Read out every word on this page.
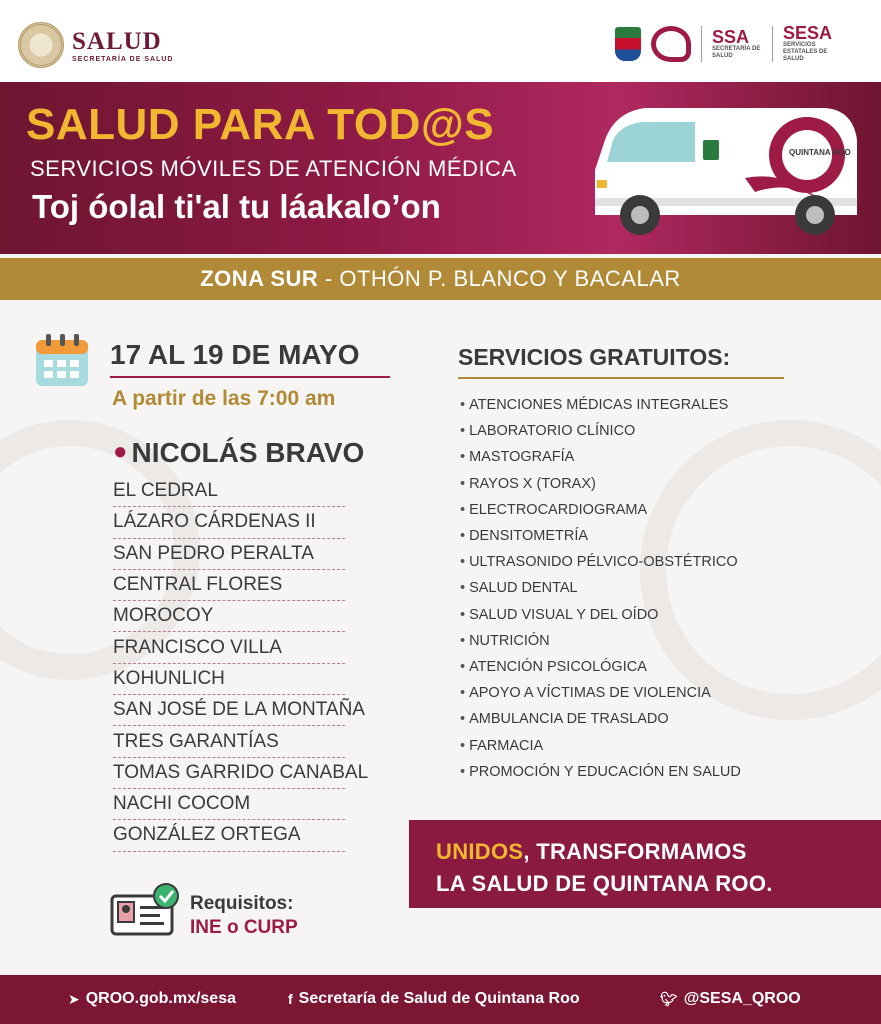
SALUD
SECRETARÍA DE SALUD
SSA
SECRETARÍA DE SALUD
SESA
SERVICIOS ESTATALES DE SALUD
SALUD PARA TOD@S
SERVICIOS MÓVILES DE ATENCIÓN MÉDICA
Toj óolal ti'al tu láakalo’on
QUINTANA ROO
ZONA SUR - OTHÓN P. BLANCO Y BACALAR
17 AL 19 DE MAYO
A partir de las 7:00 am
● NICOLÁS BRAVO
EL CEDRAL
LÁZARO CÁRDENAS II
SAN PEDRO PERALTA
CENTRAL FLORES
MOROCOY
FRANCISCO VILLA
KOHUNLICH
SAN JOSÉ DE LA MONTAÑA
TRES GARANTÍAS
TOMAS GARRIDO CANABAL
NACHI COCOM
GONZÁLEZ ORTEGA
SERVICIOS GRATUITOS:
• ATENCIONES MÉDICAS INTEGRALES
• LABORATORIO CLÍNICO
• MASTOGRAFÍA
• RAYOS X (TORAX)
• ELECTROCARDIOGRAMA
• DENSITOMETRÍA
• ULTRASONIDO PÉLVICO-OBSTÉTRICO
• SALUD DENTAL
• SALUD VISUAL Y DEL OÍDO
• NUTRICIÓN
• ATENCIÓN PSICOLÓGICA
• APOYO A VÍCTIMAS DE VIOLENCIA
• AMBULANCIA DE TRASLADO
• FARMACIA
• PROMOCIÓN Y EDUCACIÓN EN SALUD
UNIDOS, TRANSFORMAMOS
LA SALUD DE QUINTANA ROO.
Requisitos:
INE o CURP
➤ QROO.gob.mx/sesa	f Secretaría de Salud de Quintana Roo	🐦︎ @SESA_QROO
